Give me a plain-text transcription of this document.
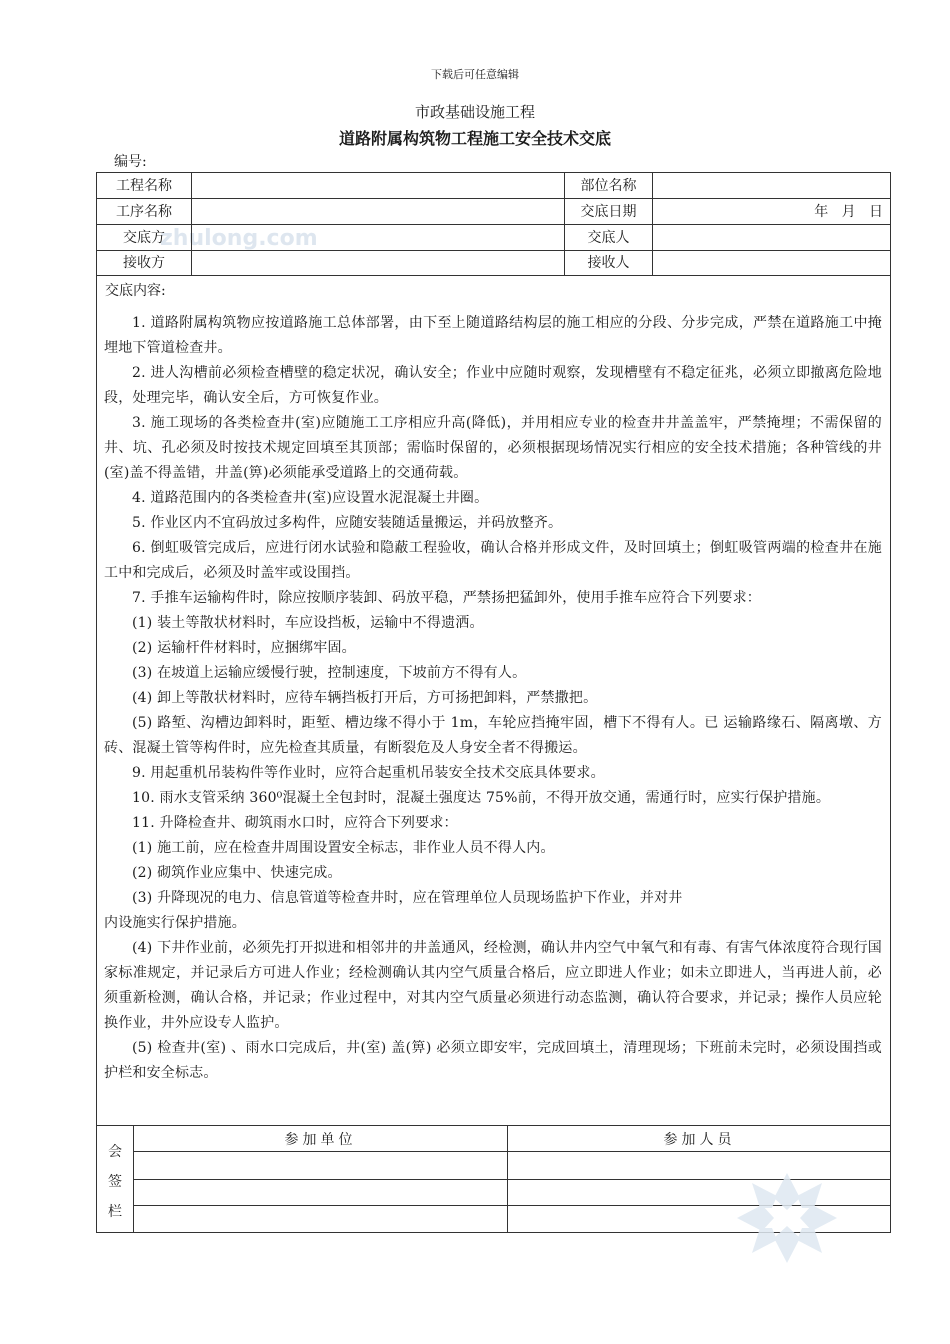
下载后可任意编辑
市政基础设施工程
道路附属构筑物工程施工安全技术交底
编号:
zhulong.com
工程名称	部位名称
工序名称	交底日期	年   月   日
交底方	交底人
接收方	接收人
交底内容:

1. 道路附属构筑物应按道路施工总体部署，由下至上随道路结构层的施工相应的分段、分步完成，严禁在道路施工中掩埋地下管道检查井。

2. 进人沟槽前必须检查槽壁的稳定状况，确认安全；作业中应随时观察，发现槽壁有不稳定征兆，必须立即撤离危险地段，处理完毕，确认安全后，方可恢复作业。

3. 施工现场的各类检查井(室)应随施工工序相应升高(降低)，并用相应专业的检查井井盖盖牢，严禁掩埋；不需保留的井、坑、孔必须及时按技术规定回填至其顶部；需临时保留的，必须根据现场情况实行相应的安全技术措施；各种管线的井(室)盖不得盖错，井盖(箅)必须能承受道路上的交通荷载。

4. 道路范围内的各类检查井(室)应设置水泥混凝土井圈。

5. 作业区内不宜码放过多构件，应随安装随适量搬运，并码放整齐。

6. 倒虹吸管完成后，应进行闭水试验和隐蔽工程验收，确认合格并形成文件，及时回填土；倒虹吸管两端的检查井在施工中和完成后，必须及时盖牢或设围挡。

7. 手推车运输构件时，除应按顺序装卸、码放平稳，严禁扬把猛卸外，使用手推车应符合下列要求：

(1) 装土等散状材料时，车应设挡板，运输中不得遗洒。

(2) 运输杆件材料时，应捆绑牢固。

(3) 在坡道上运输应缓慢行驶，控制速度，下坡前方不得有人。

(4) 卸上等散状材料时，应待车辆挡板打开后，方可扬把卸料，严禁撒把。

(5) 路堑、沟槽边卸料时，距堑、槽边缘不得小于 1m，车轮应挡掩牢固，槽下不得有人。已 运输路缘石、隔离墩、方砖、混凝土管等构件时，应先检查其质量，有断裂危及人身安全者不得搬运。

9. 用起重机吊装构件等作业时，应符合起重机吊装安全技术交底具体要求。

10. 雨水支管采纳 360⁰混凝土全包封时，混凝土强度达 75%前，不得开放交通，需通行时，应实行保护措施。

11. 升降检查井、砌筑雨水口时，应符合下列要求：

(1) 施工前，应在检查井周围设置安全标志，非作业人员不得人内。

(2) 砌筑作业应集中、快速完成。

(3) 升降现况的电力、信息管道等检查井时，应在管理单位人员现场监护下作业，并对井

内设施实行保护措施。

(4) 下井作业前，必须先打开拟进和相邻井的井盖通风，经检测，确认井内空气中氧气和有毒、有害气体浓度符合现行国家标准规定，并记录后方可进人作业；经检测确认其内空气质量合格后，应立即进人作业；如未立即进人，当再进人前，必须重新检测，确认合格，并记录；作业过程中，对其内空气质量必须进行动态监测，确认符合要求，并记录；操作人员应轮换作业，井外应设专人监护。

(5) 检查井(室) 、雨水口完成后，井(室) 盖(箅) 必须立即安牢，完成回填土，清理现场；下班前未完时，必须设围挡或护栏和安全标志。

会
签
栏
参加单位	参加人员
